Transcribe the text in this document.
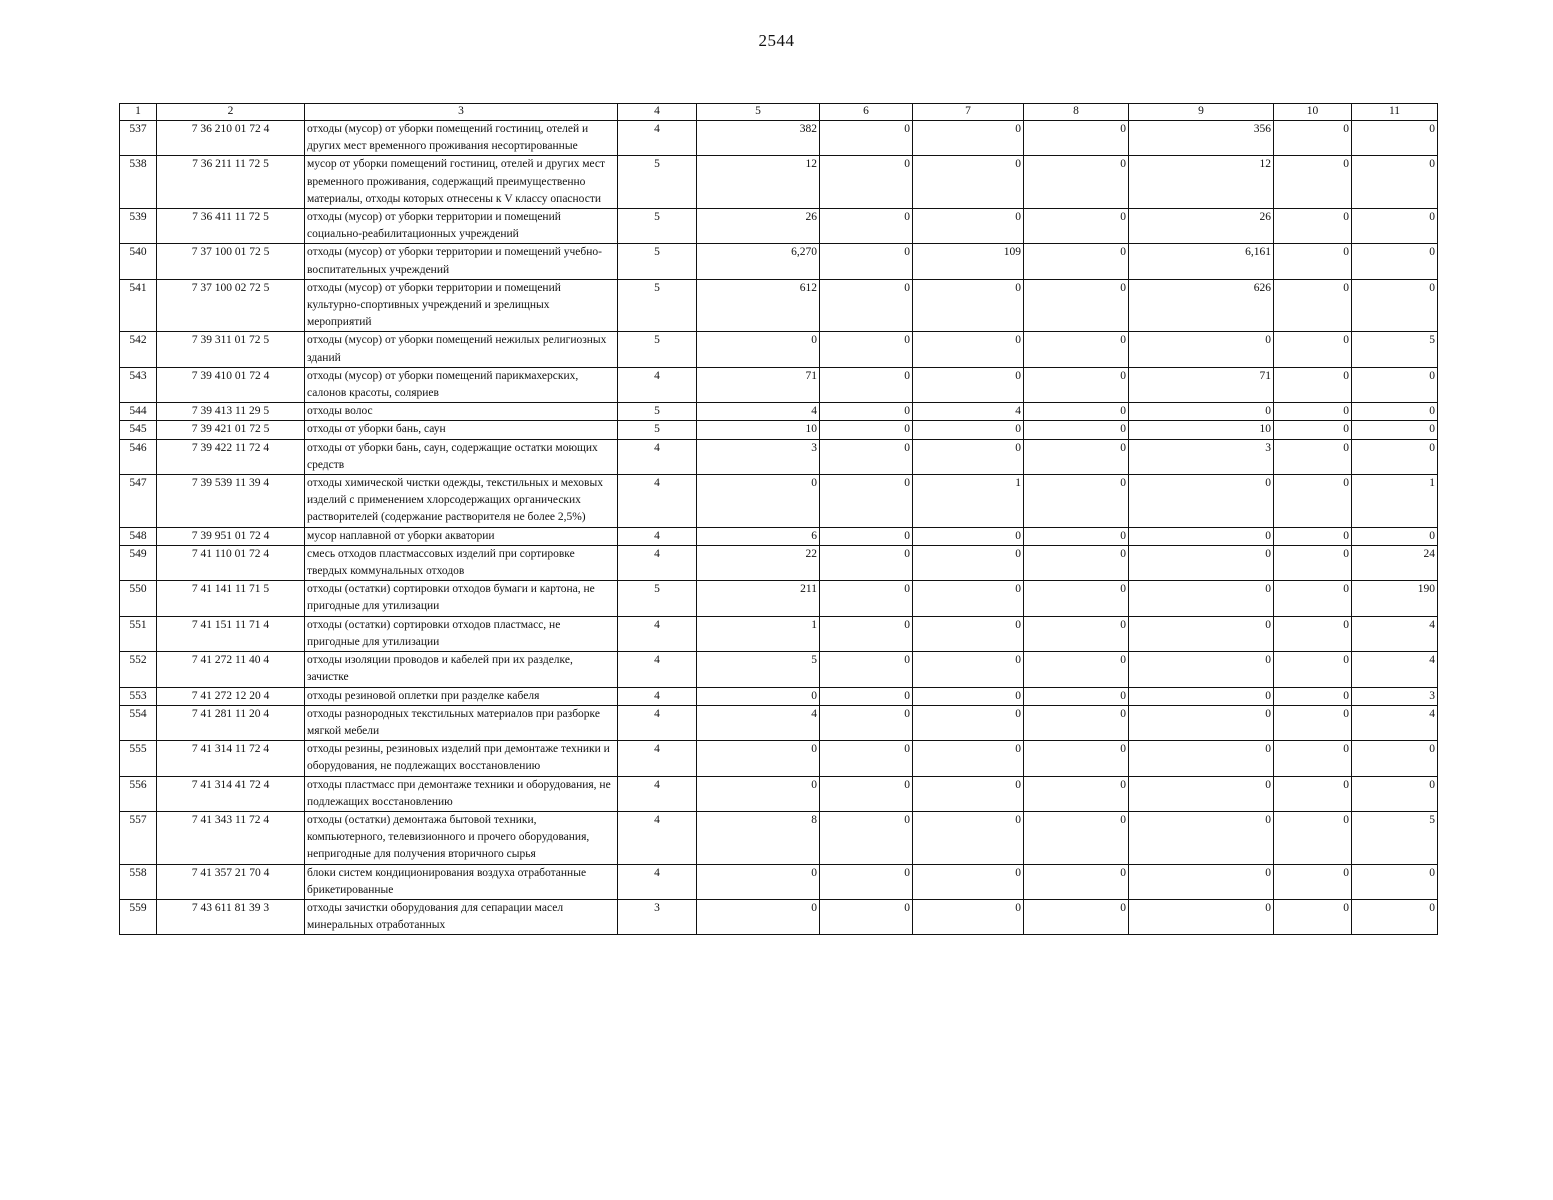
2544
1	2	3	4	5	6	7	8	9	10	11
537	7 36 210 01 72 4	отходы (мусор) от уборки помещений гостиниц, отелей и других мест временного проживания несортированные	4	382	0	0	0	356	0	0
538	7 36 211 11 72 5	мусор от уборки помещений гостиниц, отелей и других мест временного проживания, содержащий преимущественно материалы, отходы которых отнесены к V классу опасности	5	12	0	0	0	12	0	0
539	7 36 411 11 72 5	отходы (мусор) от уборки территории и помещений социально-реабилитационных учреждений	5	26	0	0	0	26	0	0
540	7 37 100 01 72 5	отходы (мусор) от уборки территории и помещений учебно-воспитательных учреждений	5	6,270	0	109	0	6,161	0	0
541	7 37 100 02 72 5	отходы (мусор) от уборки территории и помещений культурно-спортивных учреждений и зрелищных мероприятий	5	612	0	0	0	626	0	0
542	7 39 311 01 72 5	отходы (мусор) от уборки помещений нежилых религиозных зданий	5	0	0	0	0	0	0	5
543	7 39 410 01 72 4	отходы (мусор) от уборки помещений парикмахерских, салонов красоты, соляриев	4	71	0	0	0	71	0	0
544	7 39 413 11 29 5	отходы волос	5	4	0	4	0	0	0	0
545	7 39 421 01 72 5	отходы от уборки бань, саун	5	10	0	0	0	10	0	0
546	7 39 422 11 72 4	отходы от уборки бань, саун, содержащие остатки моющих средств	4	3	0	0	0	3	0	0
547	7 39 539 11 39 4	отходы химической чистки одежды, текстильных и меховых изделий с применением хлорсодержащих органических растворителей (содержание растворителя не более 2,5%)	4	0	0	1	0	0	0	1
548	7 39 951 01 72 4	мусор наплавной от уборки акватории	4	6	0	0	0	0	0	0
549	7 41 110 01 72 4	смесь отходов пластмассовых изделий при сортировке твердых коммунальных отходов	4	22	0	0	0	0	0	24
550	7 41 141 11 71 5	отходы (остатки) сортировки отходов бумаги и картона, не пригодные для утилизации	5	211	0	0	0	0	0	190
551	7 41 151 11 71 4	отходы (остатки) сортировки отходов пластмасс, не пригодные для утилизации	4	1	0	0	0	0	0	4
552	7 41 272 11 40 4	отходы изоляции проводов и кабелей при их разделке, зачистке	4	5	0	0	0	0	0	4
553	7 41 272 12 20 4	отходы резиновой оплетки при разделке кабеля	4	0	0	0	0	0	0	3
554	7 41 281 11 20 4	отходы разнородных текстильных материалов при разборке мягкой мебели	4	4	0	0	0	0	0	4
555	7 41 314 11 72 4	отходы резины, резиновых изделий при демонтаже техники и оборудования, не подлежащих восстановлению	4	0	0	0	0	0	0	0
556	7 41 314 41 72 4	отходы пластмасс при демонтаже техники и оборудования, не подлежащих восстановлению	4	0	0	0	0	0	0	0
557	7 41 343 11 72 4	отходы (остатки) демонтажа бытовой техники, компьютерного, телевизионного и прочего оборудования, непригодные для получения вторичного сырья	4	8	0	0	0	0	0	5
558	7 41 357 21 70 4	блоки систем кондиционирования воздуха отработанные брикетированные	4	0	0	0	0	0	0	0
559	7 43 611 81 39 3	отходы зачистки оборудования для сепарации масел минеральных отработанных	3	0	0	0	0	0	0	0
